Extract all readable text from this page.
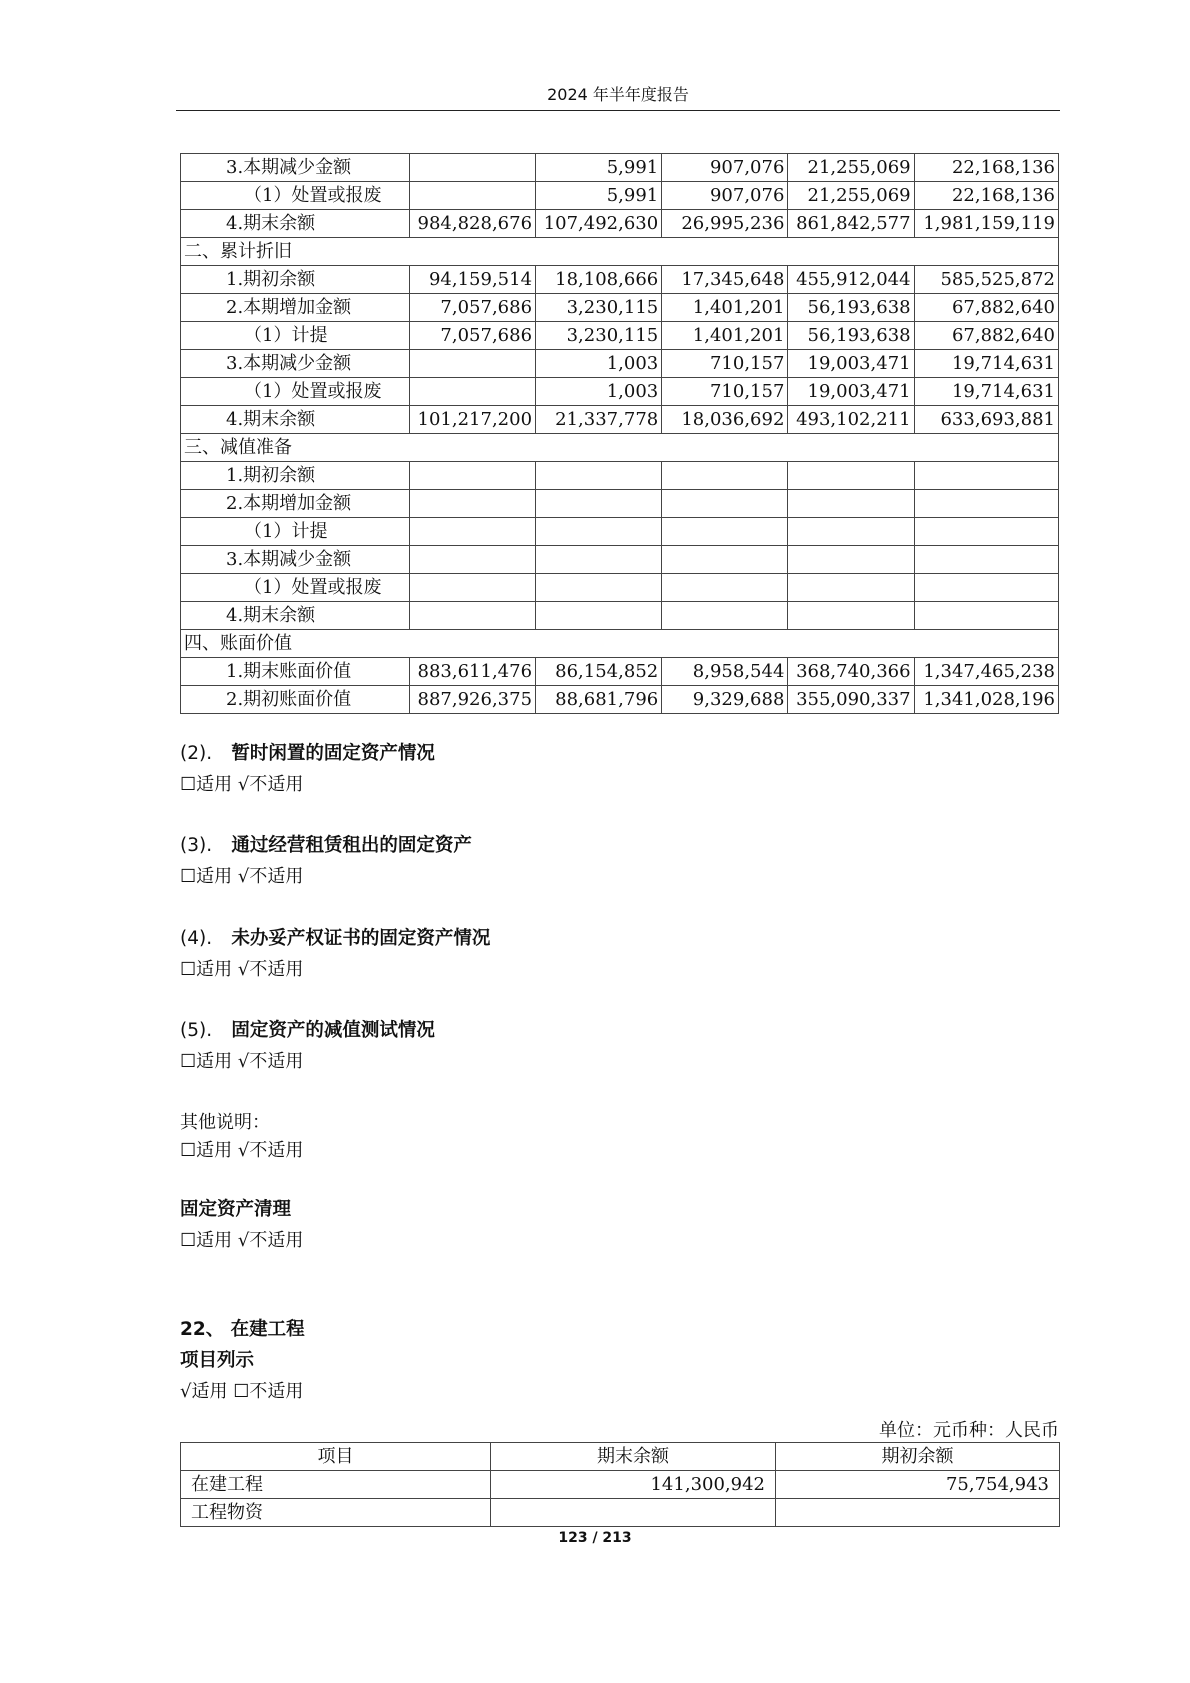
2024 年半年度报告
3.本期减少金额		5,991	907,076	21,255,069	22,168,136
（1）处置或报废		5,991	907,076	21,255,069	22,168,136
4.期末余额	984,828,676	107,492,630	26,995,236	861,842,577	1,981,159,119
二、累计折旧					
1.期初余额	94,159,514	18,108,666	17,345,648	455,912,044	585,525,872
2.本期增加金额	7,057,686	3,230,115	1,401,201	56,193,638	67,882,640
（1）计提	7,057,686	3,230,115	1,401,201	56,193,638	67,882,640
3.本期减少金额		1,003	710,157	19,003,471	19,714,631
（1）处置或报废		1,003	710,157	19,003,471	19,714,631
4.期末余额	101,217,200	21,337,778	18,036,692	493,102,211	633,693,881
三、减值准备					
1.期初余额					
2.本期增加金额					
（1）计提					
3.本期减少金额					
（1）处置或报废					
4.期末余额					
四、账面价值					
1.期末账面价值	883,611,476	86,154,852	8,958,544	368,740,366	1,347,465,238
2.期初账面价值	887,926,375	88,681,796	9,329,688	355,090,337	1,341,028,196
(2). 暂时闲置的固定资产情况
☐适用 √不适用
(3). 通过经营租赁租出的固定资产
☐适用 √不适用
(4). 未办妥产权证书的固定资产情况
☐适用 √不适用
(5). 固定资产的减值测试情况
☐适用 √不适用
其他说明：
☐适用 √不适用
固定资产清理
☐适用 √不适用
22、 在建工程
项目列示
√适用 ☐不适用
单位：元币种：人民币
项目	期末余额	期初余额
在建工程	141,300,942	75,754,943
工程物资		
123 / 213
